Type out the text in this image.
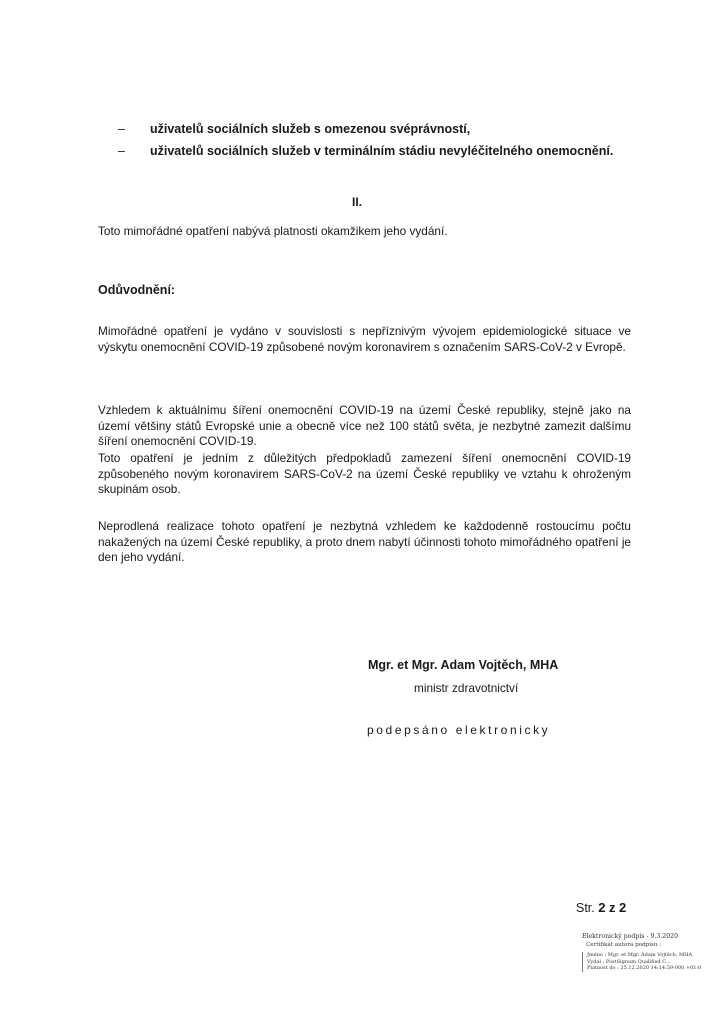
–	uživatelů sociálních služeb s omezenou svéprávností,
–	uživatelů sociálních služeb v terminálním stádiu nevyléčitelného onemocnění.
II.

Toto mimořádné opatření nabývá platnosti okamžikem jeho vydání.

Odůvodnění:

Mimořádné opatření je vydáno v souvislosti s nepříznivým vývojem epidemiologické situace ve výskytu onemocnění COVID-19 způsobené novým koronavirem s označením SARS-CoV-2 v Evropě.

Vzhledem k aktuálnímu šíření onemocnění COVID-19 na území České republiky, stejně jako na území většiny států Evropské unie a obecně více než 100 států světa, je nezbytné zamezit dalšímu šíření onemocnění COVID-19.

Toto opatření je jedním z důležitých předpokladů zamezení šíření onemocnění COVID-19 způsobeného novým koronavirem SARS-CoV-2 na území České republiky ve vztahu k ohroženým skupinám osob.

Neprodlená realizace tohoto opatření je nezbytná vzhledem ke každodenně rostoucímu počtu nakažených na území České republiky, a proto dnem nabytí účinnosti tohoto mimořádného opatření je den jeho vydání.

Mgr. et Mgr. Adam Vojtěch, MHA
ministr zdravotnictví
podepsáno elektronicky
Str. 2 z 2
Elektronický podpis - 9.3.2020
Certifikát autora podpisu :
Jméno : Mgr. et Mgr. Adam Vojtěch, MHA
Vydal : PostSignum Qualified C...
Platnost do : 25.12.2020 14:14:59-000 +01:0
